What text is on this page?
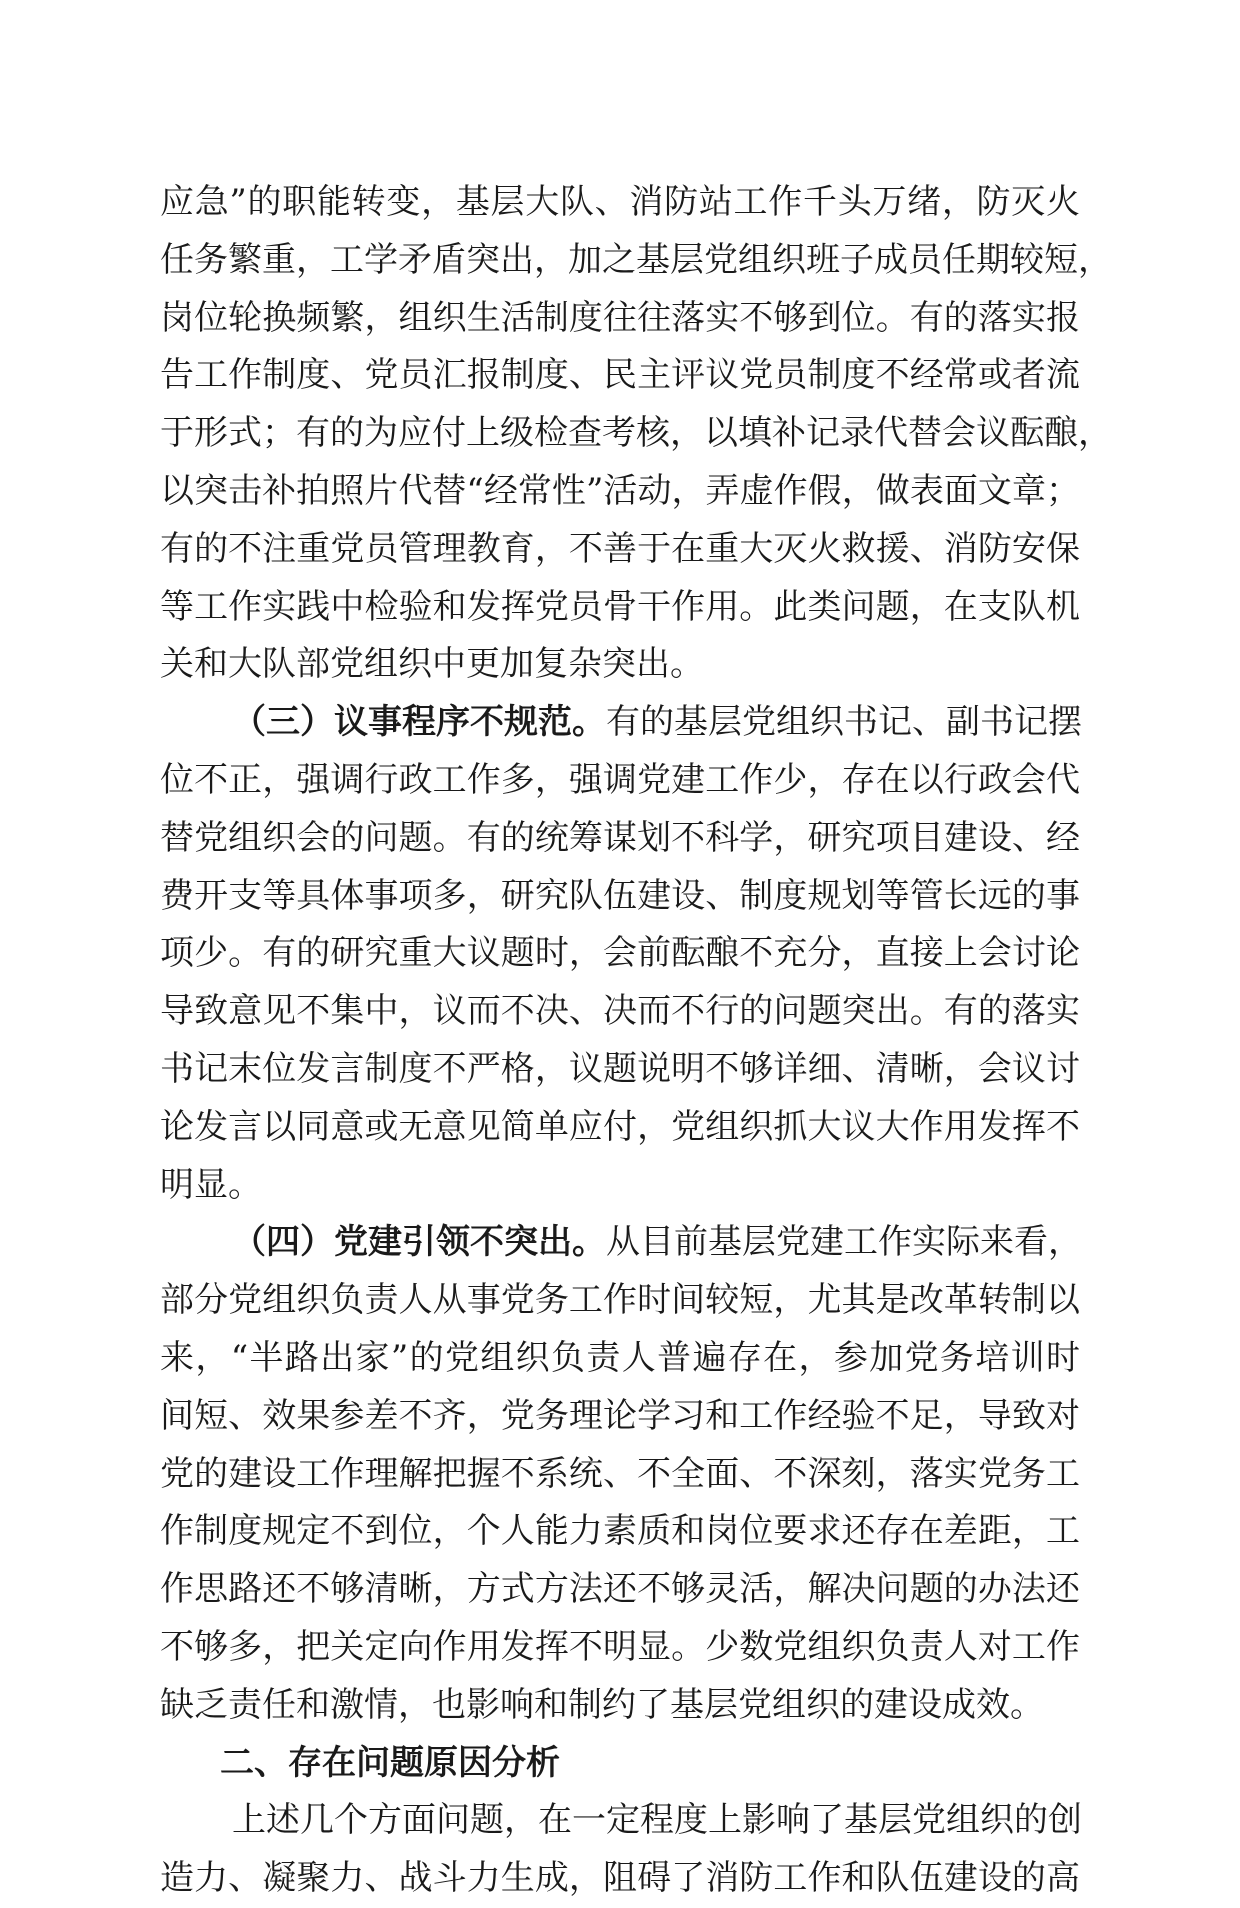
应急”的职能转变，基层大队、消防站工作千头万绪，防灭火
任务繁重，工学矛盾突出，加之基层党组织班子成员任期较短，
岗位轮换频繁，组织生活制度往往落实不够到位。有的落实报
告工作制度、党员汇报制度、民主评议党员制度不经常或者流
于形式；有的为应付上级检查考核，以填补记录代替会议酝酿，
以突击补拍照片代替“经常性”活动，弄虚作假，做表面文章；
有的不注重党员管理教育，不善于在重大灭火救援、消防安保
等工作实践中检验和发挥党员骨干作用。此类问题，在支队机
关和大队部党组织中更加复杂突出。
（三）议事程序不规范。有的基层党组织书记、副书记摆
位不正，强调行政工作多，强调党建工作少，存在以行政会代
替党组织会的问题。有的统筹谋划不科学，研究项目建设、经
费开支等具体事项多，研究队伍建设、制度规划等管长远的事
项少。有的研究重大议题时，会前酝酿不充分，直接上会讨论
导致意见不集中，议而不决、决而不行的问题突出。有的落实
书记末位发言制度不严格，议题说明不够详细、清晰，会议讨
论发言以同意或无意见简单应付，党组织抓大议大作用发挥不
明显。
（四）党建引领不突出。从目前基层党建工作实际来看，
部分党组织负责人从事党务工作时间较短，尤其是改革转制以
来，“半路出家”的党组织负责人普遍存在，参加党务培训时
间短、效果参差不齐，党务理论学习和工作经验不足，导致对
党的建设工作理解把握不系统、不全面、不深刻，落实党务工
作制度规定不到位，个人能力素质和岗位要求还存在差距，工
作思路还不够清晰，方式方法还不够灵活，解决问题的办法还
不够多，把关定向作用发挥不明显。少数党组织负责人对工作
缺乏责任和激情，也影响和制约了基层党组织的建设成效。
二、存在问题原因分析
上述几个方面问题，在一定程度上影响了基层党组织的创
造力、凝聚力、战斗力生成，阻碍了消防工作和队伍建设的高
